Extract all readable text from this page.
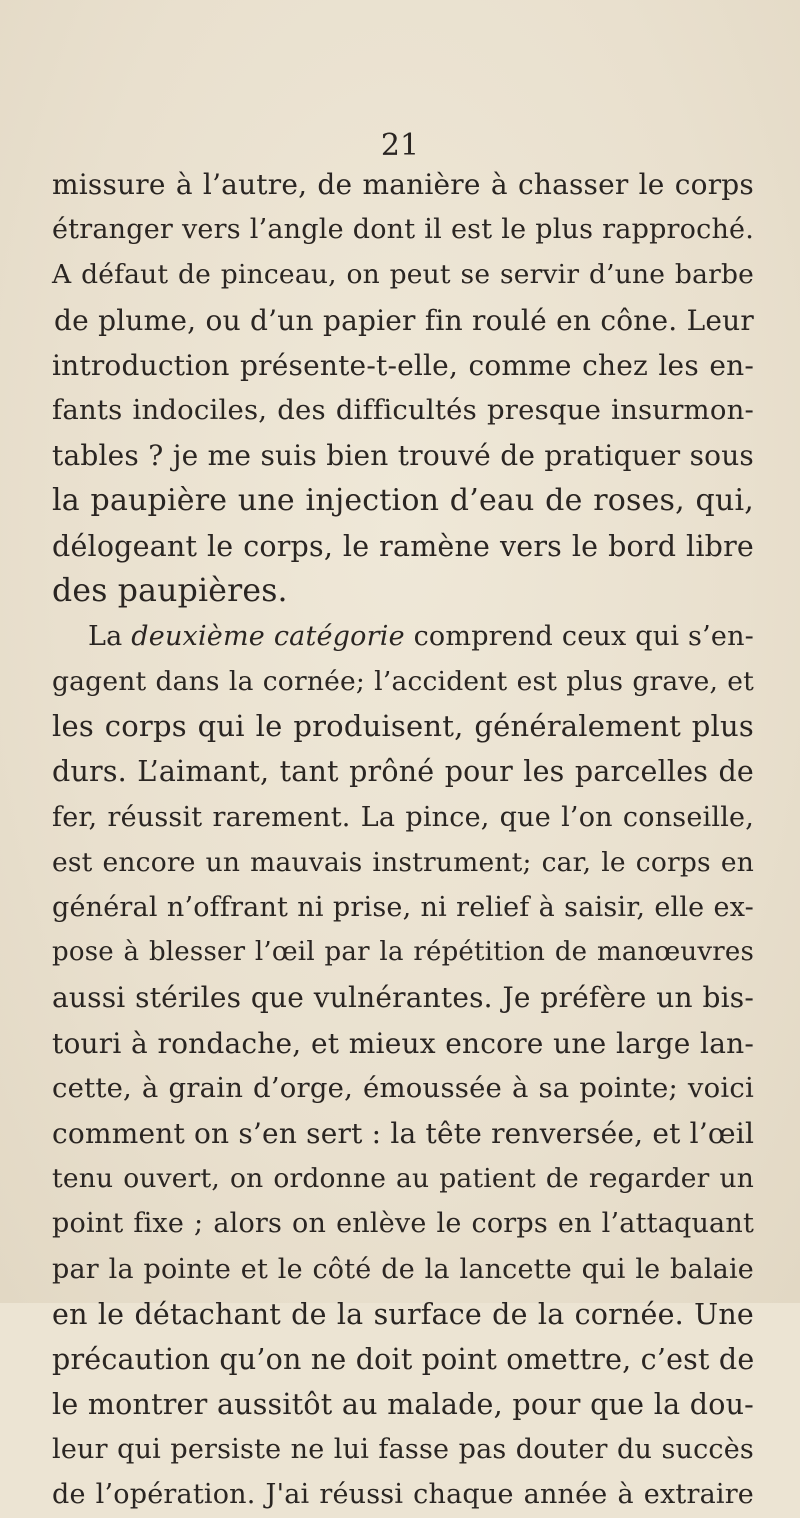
21
missure à l’autre, de manière à chasser le corps
étranger vers l’angle dont il est le plus rapproché.
A défaut de pinceau, on peut se servir d’une barbe
de plume, ou d’un papier fin roulé en cône. Leur
introduction présente-t-elle, comme chez les en-
fants indociles, des difficultés presque insurmon-
tables ? je me suis bien trouvé de pratiquer sous
la paupière une injection d’eau de roses, qui,
délogeant le corps, le ramène vers le bord libre
des paupières.
La deuxième catégorie comprend ceux qui s’en-
gagent dans la cornée; l’accident est plus grave, et
les corps qui le produisent, généralement plus
durs. L’aimant, tant prôné pour les parcelles de
fer, réussit rarement. La pince, que l’on conseille,
est encore un mauvais instrument; car, le corps en
général n’offrant ni prise, ni relief à saisir, elle ex-
pose à blesser l’œil par la répétition de manœuvres
aussi stériles que vulnérantes. Je préfère un bis-
touri à rondache, et mieux encore une large lan-
cette, à grain d’orge, émoussée à sa pointe; voici
comment on s’en sert : la tête renversée, et l’œil
tenu ouvert, on ordonne au patient de regarder un
point fixe ; alors on enlève le corps en l’attaquant
par la pointe et le côté de la lancette qui le balaie
en le détachant de la surface de la cornée. Une
précaution qu’on ne doit point omettre, c’est de
le montrer aussitôt au malade, pour que la dou-
leur qui persiste ne lui fasse pas douter du succès
de l’opération. J'ai réussi chaque année à extraire
